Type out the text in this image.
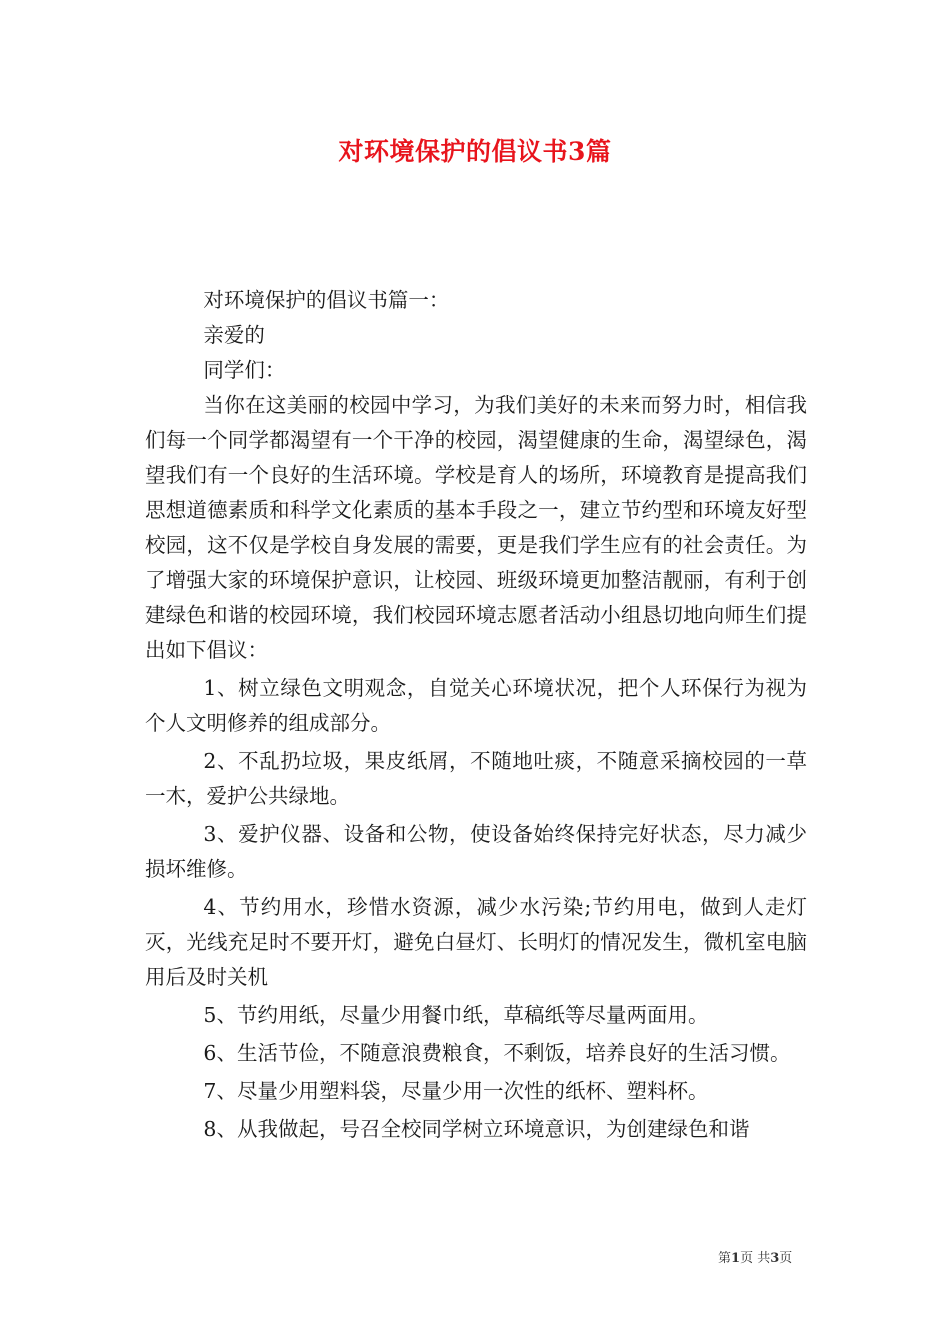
对环境保护的倡议书3篇

对环境保护的倡议书篇一：

亲爱的

同学们：

当你在这美丽的校园中学习，为我们美好的未来而努力时，相信我们每一个同学都渴望有一个干净的校园，渴望健康的生命，渴望绿色，渴望我们有一个良好的生活环境。学校是育人的场所，环境教育是提高我们思想道德素质和科学文化素质的基本手段之一，建立节约型和环境友好型校园，这不仅是学校自身发展的需要，更是我们学生应有的社会责任。为了增强大家的环境保护意识，让校园、班级环境更加整洁靓丽，有利于创建绿色和谐的校园环境，我们校园环境志愿者活动小组恳切地向师生们提出如下倡议：

1、树立绿色文明观念，自觉关心环境状况，把个人环保行为视为个人文明修养的组成部分。

2、不乱扔垃圾，果皮纸屑，不随地吐痰，不随意采摘校园的一草一木，爱护公共绿地。

3、爱护仪器、设备和公物，使设备始终保持完好状态，尽力减少损坏维修。

4、节约用水，珍惜水资源，减少水污染;节约用电，做到人走灯灭，光线充足时不要开灯，避免白昼灯、长明灯的情况发生，微机室电脑用后及时关机

5、节约用纸，尽量少用餐巾纸，草稿纸等尽量两面用。

6、生活节俭，不随意浪费粮食，不剩饭，培养良好的生活习惯。

7、尽量少用塑料袋，尽量少用一次性的纸杯、塑料杯。

8、从我做起，号召全校同学树立环境意识，为创建绿色和谐

第1页 共3页
